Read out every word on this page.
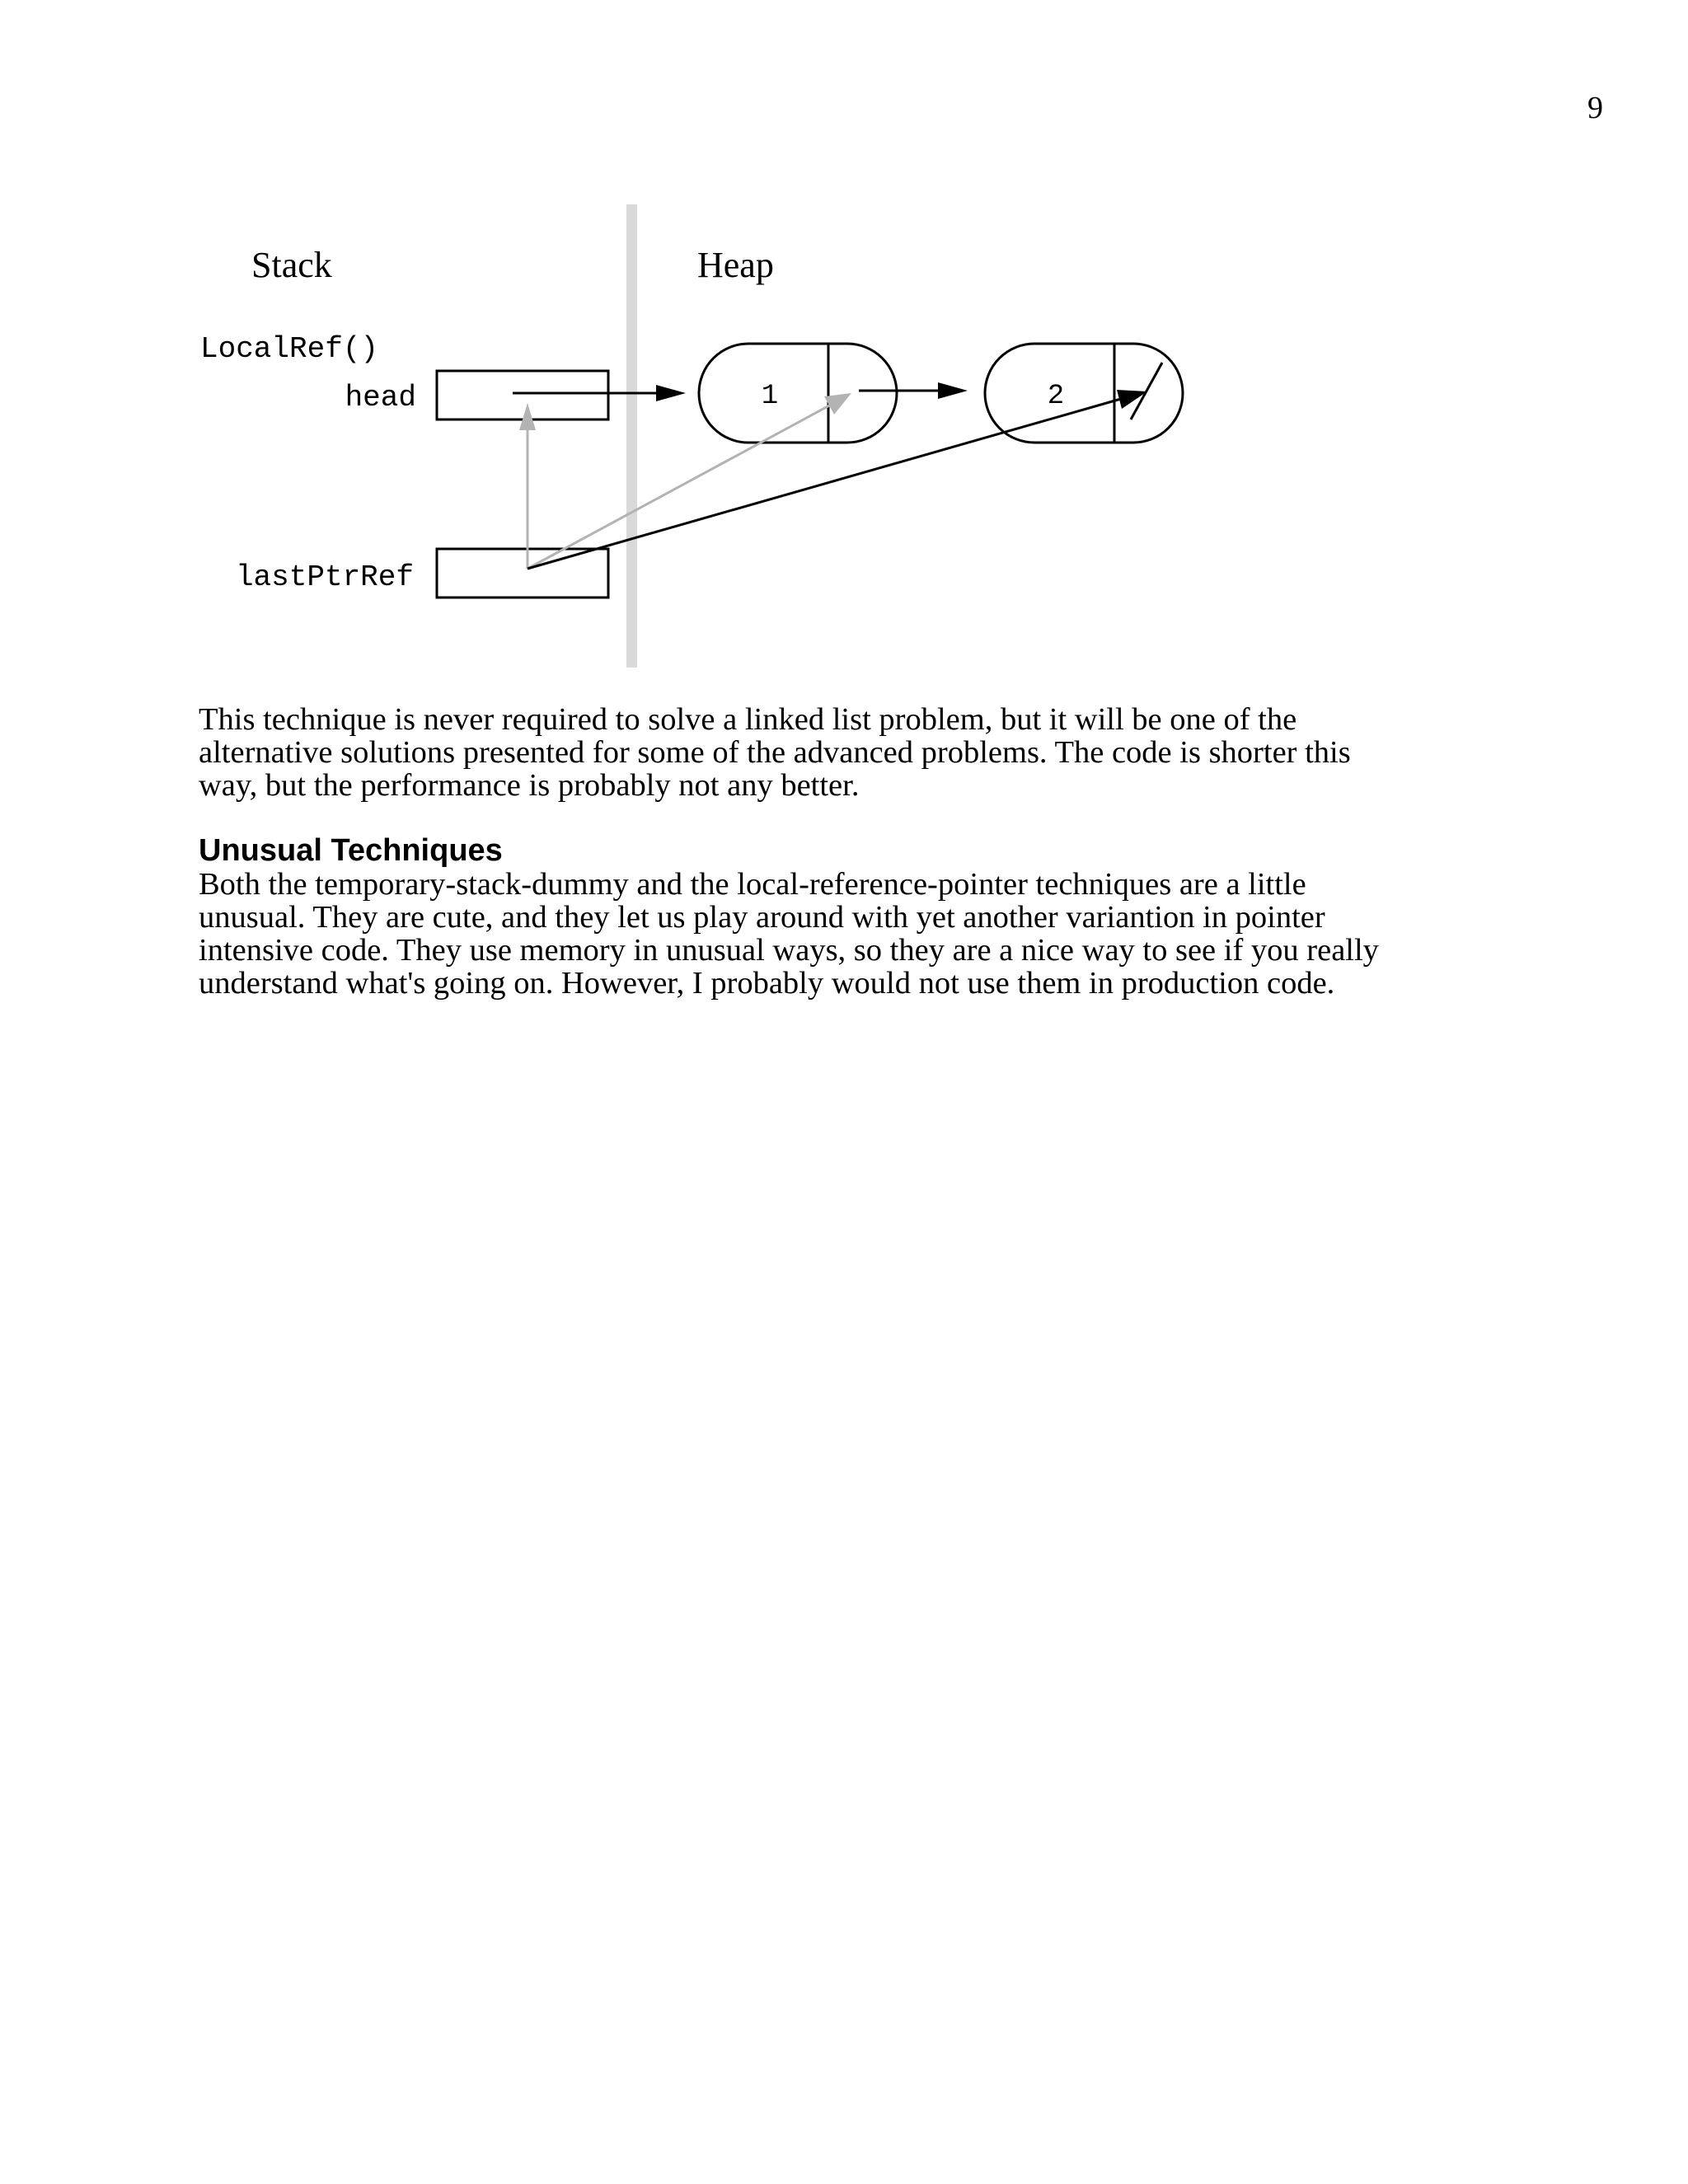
9
Stack	Heap
LocalRef()
head
lastPtrRef
1	2

This technique is never required to solve a linked list problem, but it will be one of the alternative solutions presented for some of the advanced problems. The code is shorter this way, but the performance is probably not any better.

Unusual Techniques

Both the temporary-stack-dummy and the local-reference-pointer techniques are a little unusual. They are cute, and they let us play around with yet another variantion in pointer intensive code. They use memory in unusual ways, so they are a nice way to see if you really understand what's going on. However, I probably would not use them in production code.
